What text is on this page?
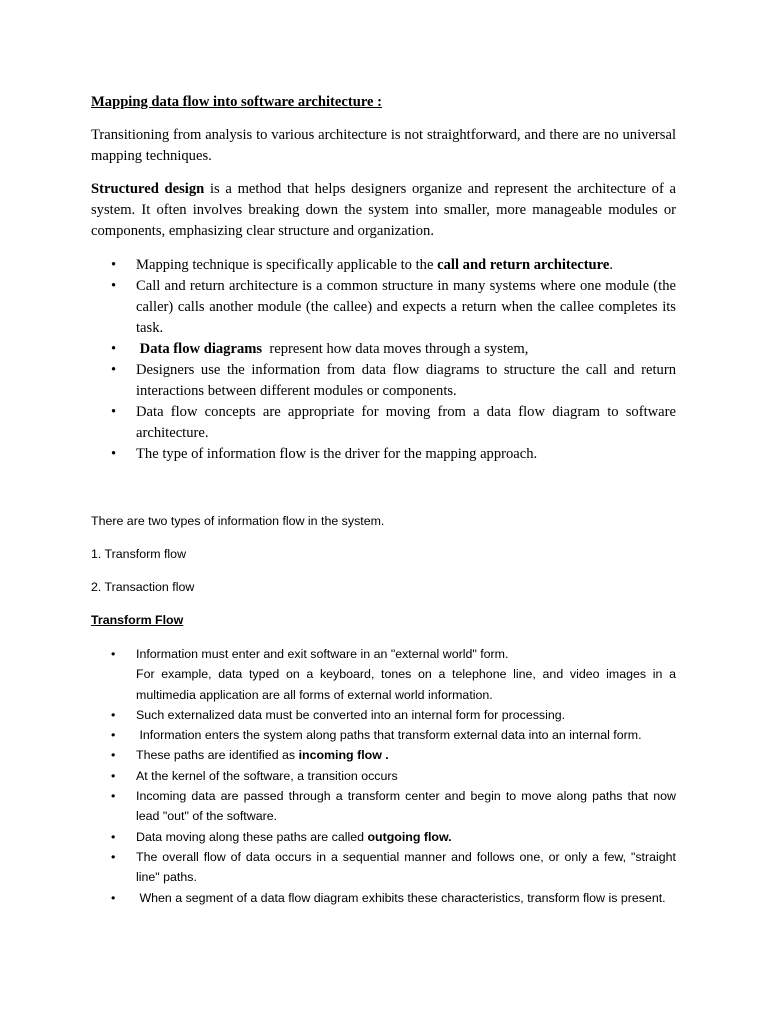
Mapping data flow into software architecture :

Transitioning from analysis to various architecture is not straightforward, and there are no universal mapping techniques.

Structured design is a method that helps designers organize and represent the architecture of a system. It often involves breaking down the system into smaller, more manageable modules or components, emphasizing clear structure and organization.

• Mapping technique is specifically applicable to the call and return architecture.
• Call and return architecture is a common structure in many systems where one module (the caller) calls another module (the callee) and expects a return when the callee completes its task.
• Data flow diagrams  represent how data moves through a system,
• Designers use the information from data flow diagrams to structure the call and return interactions between different modules or components.
• Data flow concepts are appropriate for moving from a data flow diagram to software architecture.
• The type of information flow is the driver for the mapping approach.

There are two types of information flow in the system.

1. Transform flow

2. Transaction flow

Transform Flow

• Information must enter and exit software in an "external world" form.
For example, data typed on a keyboard, tones on a telephone line, and video images in a multimedia application are all forms of external world information.
• Such externalized data must be converted into an internal form for processing.
• Information enters the system along paths that transform external data into an internal form.
• These paths are identified as incoming flow .
• At the kernel of the software, a transition occurs
• Incoming data are passed through a transform center and begin to move along paths that now lead "out" of the software.
• Data moving along these paths are called outgoing flow.
• The overall flow of data occurs in a sequential manner and follows one, or only a few, "straight line" paths.
• When a segment of a data flow diagram exhibits these characteristics, transform flow is present.
